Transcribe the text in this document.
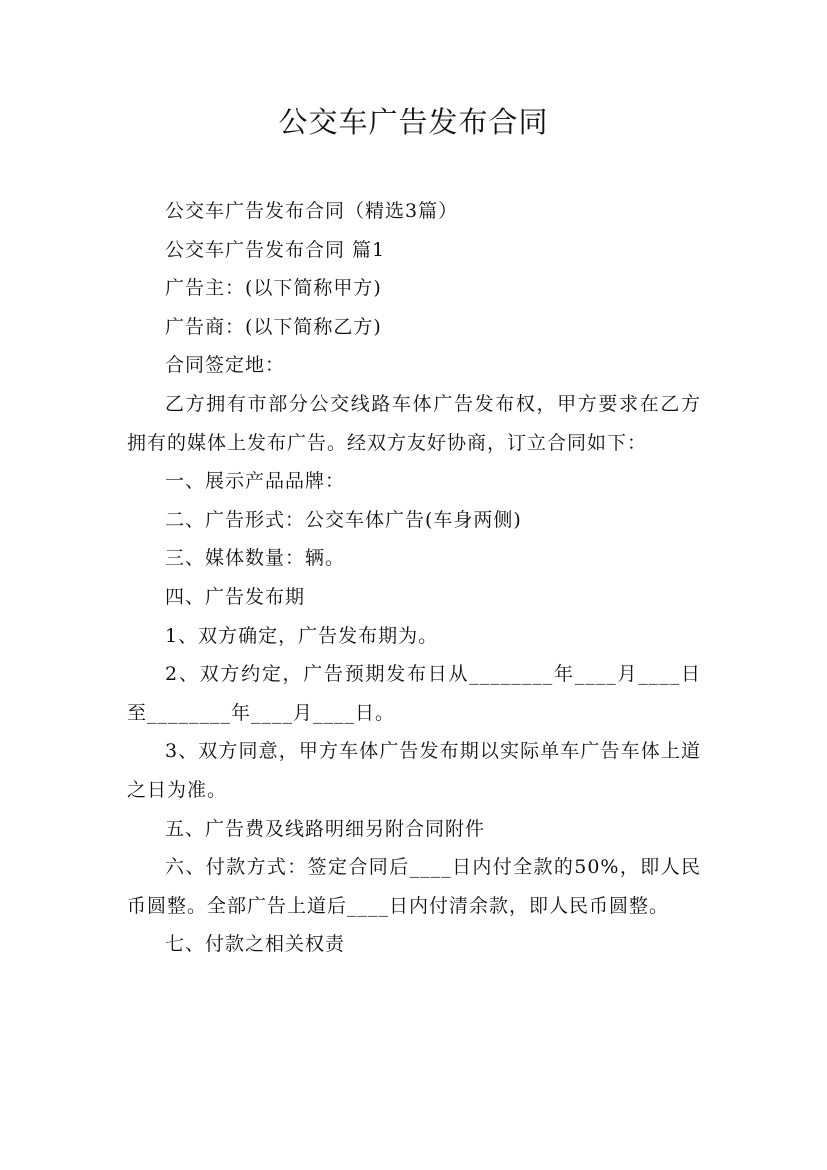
公交车广告发布合同

公交车广告发布合同（精选3篇）

公交车广告发布合同 篇1

广告主：(以下简称甲方)

广告商：(以下简称乙方)

合同签定地：

乙方拥有市部分公交线路车体广告发布权，甲方要求在乙方拥有的媒体上发布广告。经双方友好协商，订立合同如下：

一、展示产品品牌：

二、广告形式：公交车体广告(车身两侧)

三、媒体数量：辆。

四、广告发布期

1、双方确定，广告发布期为。

2、双方约定，广告预期发布日从________年____月____日至________年____月____日。

3、双方同意，甲方车体广告发布期以实际单车广告车体上道之日为准。

五、广告费及线路明细另附合同附件

六、付款方式：签定合同后____日内付全款的50%，即人民币圆整。全部广告上道后____日内付清余款，即人民币圆整。

七、付款之相关权责
